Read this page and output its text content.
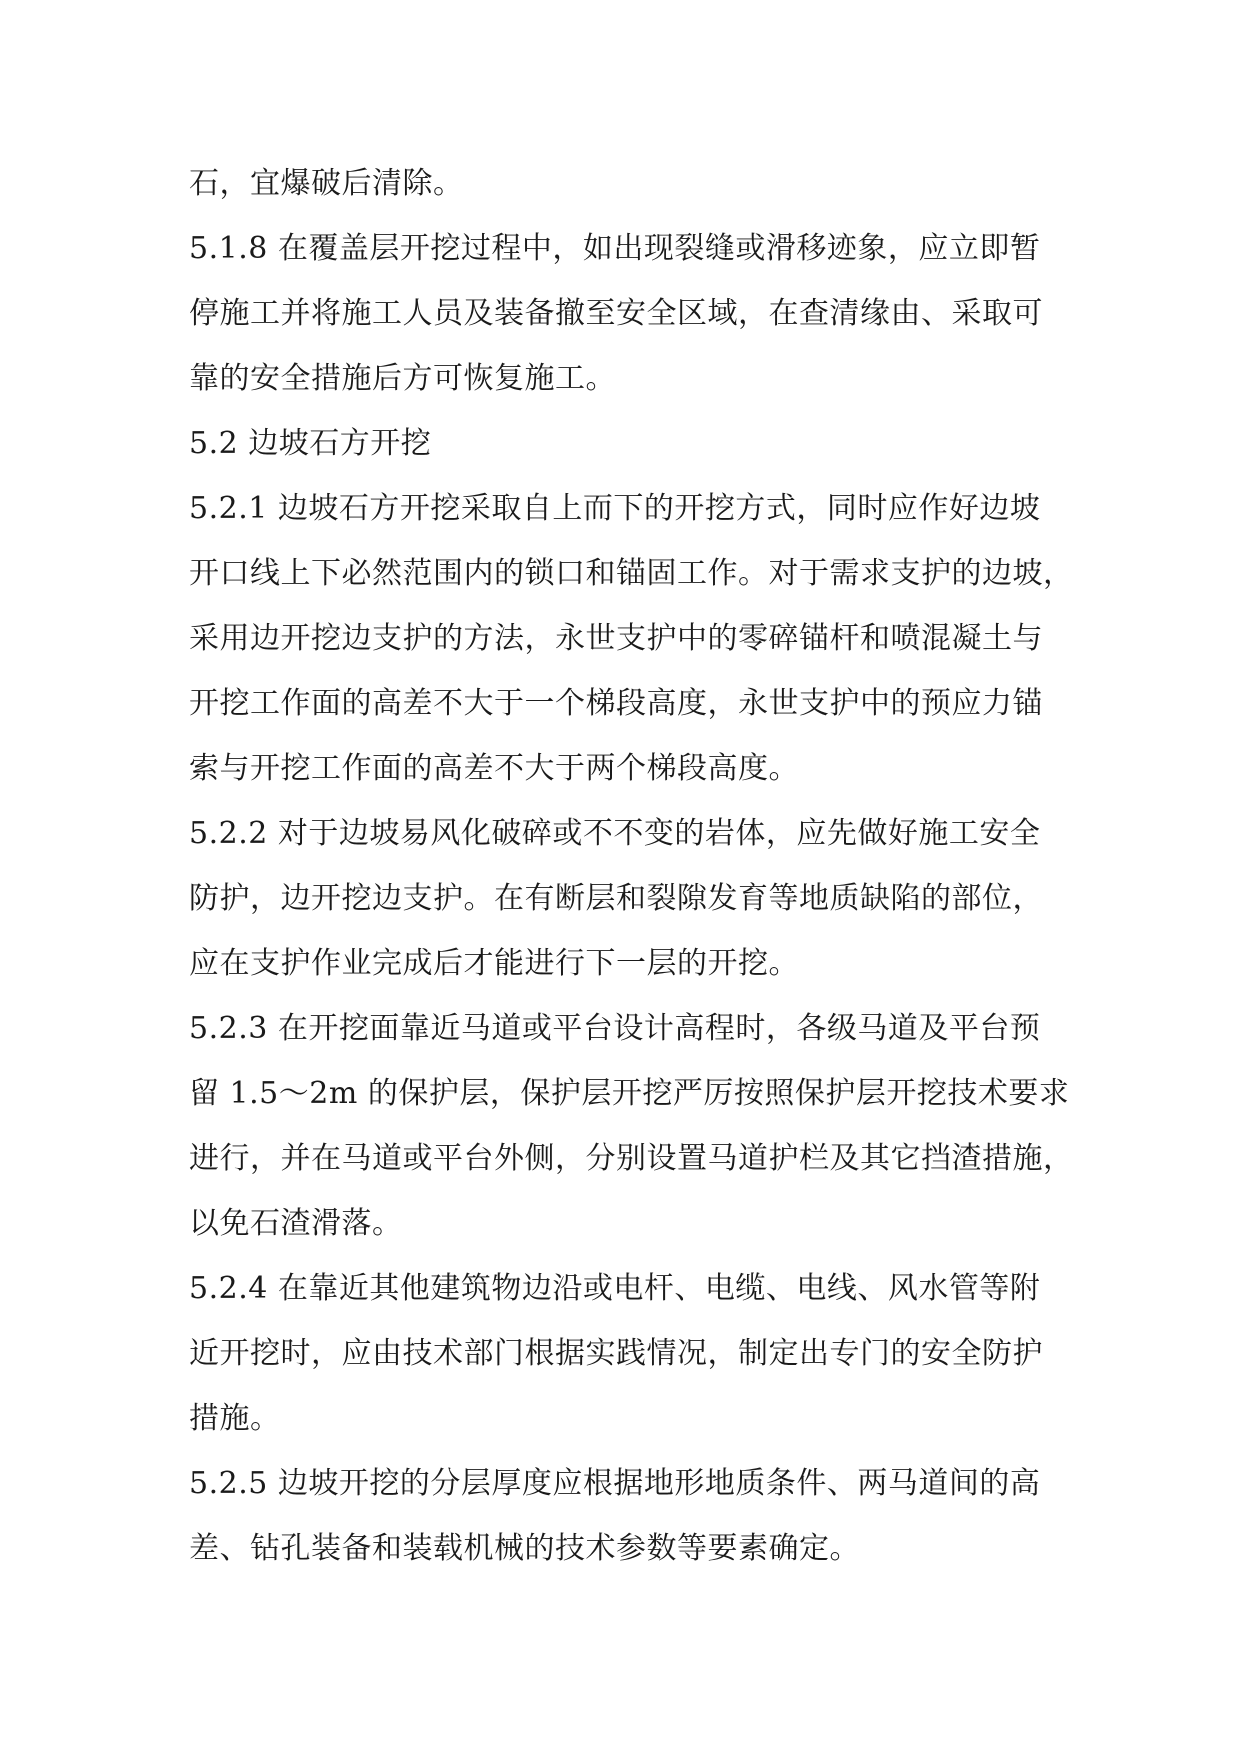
石，宜爆破后清除。
5.1.8 在覆盖层开挖过程中，如出现裂缝或滑移迹象，应立即暂
停施工并将施工人员及装备撤至安全区域，在查清缘由、采取可
靠的安全措施后方可恢复施工。
5.2 边坡石方开挖
5.2.1 边坡石方开挖采取自上而下的开挖方式，同时应作好边坡
开口线上下必然范围内的锁口和锚固工作。对于需求支护的边坡，
采用边开挖边支护的方法，永世支护中的零碎锚杆和喷混凝土与
开挖工作面的高差不大于一个梯段高度，永世支护中的预应力锚
索与开挖工作面的高差不大于两个梯段高度。
5.2.2 对于边坡易风化破碎或不不变的岩体，应先做好施工安全
防护，边开挖边支护。在有断层和裂隙发育等地质缺陷的部位，
应在支护作业完成后才能进行下一层的开挖。
5.2.3 在开挖面靠近马道或平台设计高程时，各级马道及平台预
留 1.5～2m 的保护层，保护层开挖严厉按照保护层开挖技术要求
进行，并在马道或平台外侧，分别设置马道护栏及其它挡渣措施，
以免石渣滑落。
5.2.4 在靠近其他建筑物边沿或电杆、电缆、电线、风水管等附
近开挖时，应由技术部门根据实践情况，制定出专门的安全防护
措施。
5.2.5 边坡开挖的分层厚度应根据地形地质条件、两马道间的高
差、钻孔装备和装载机械的技术参数等要素确定。
